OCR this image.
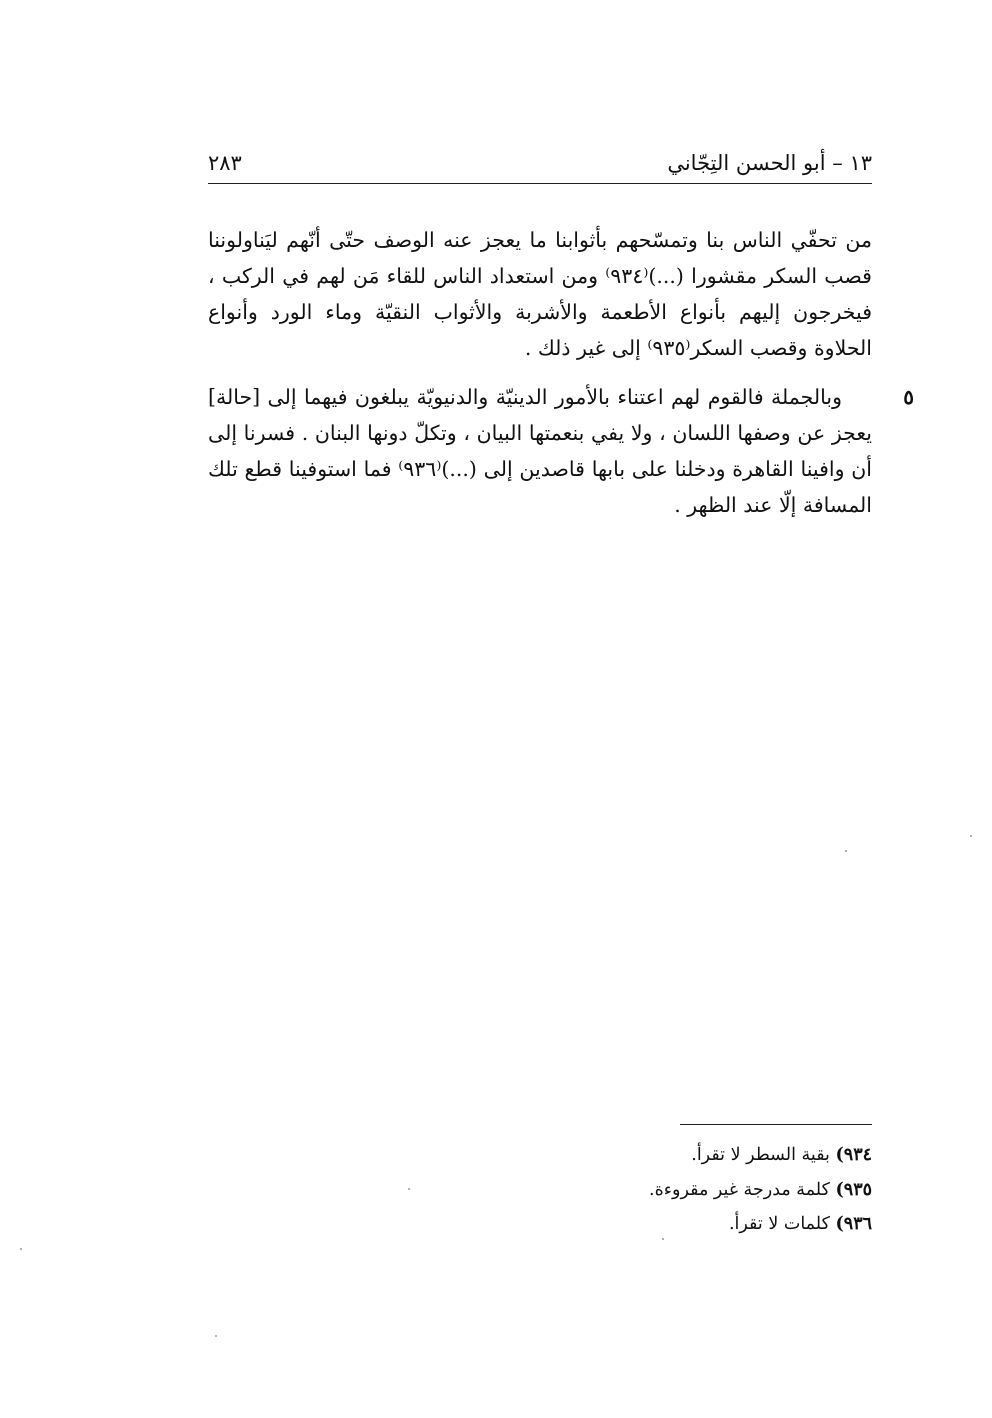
١٣ – أبو الحسن التِجّاني
٢٨٣

من تحفّي الناس بنا وتمسّحهم بأثوابنا ما يعجز عنه الوصف حتّى أنّهم ليَناولوننا قصب السكر مقشورا (...)⁽٩٣٤⁾ ومن استعداد الناس للقاء مَن لهم في الركب ، فيخرجون إليهم بأنواع الأطعمة والأشربة والأثواب النقيّة وماء الورد وأنواع الحلاوة وقصب السكر⁽٩٣٥⁾ إلى غير ذلك .

٥

وبالجملة فالقوم لهم اعتناء بالأمور الدينيّة والدنيويّة يبلغون فيهما إلى [حالة] يعجز عن وصفها اللسان ، ولا يفي بنعمتها البيان ، وتكلّ دونها البنان . فسرنا إلى أن وافينا القاهرة ودخلنا على بابها قاصدين إلى (...)⁽٩٣٦⁾ فما استوفينا قطع تلك المسافة إلّا عند الظهر .

٩٣٤) بقية السطر لا تقرأ.
٩٣٥) كلمة مدرجة غير مقروءة.
٩٣٦) كلمات لا تقرأ.
